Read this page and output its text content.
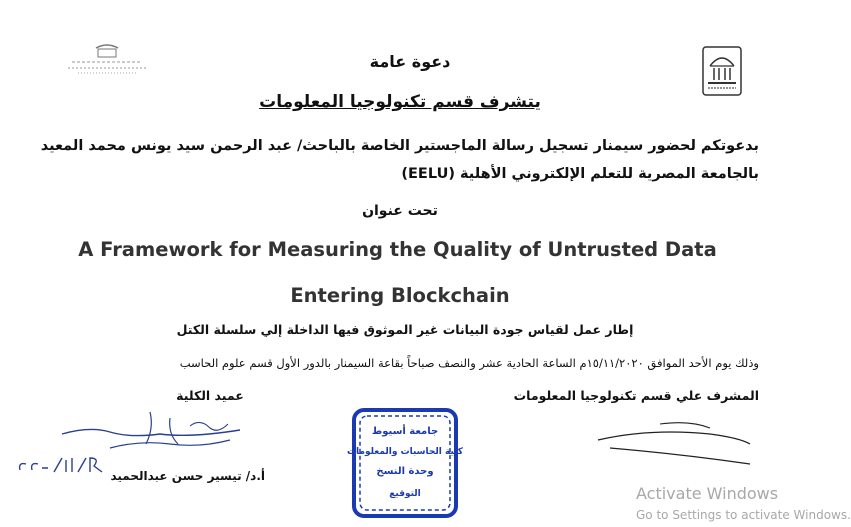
دعوة عامة
يتشرف قسم تكنولوجيا المعلومات
بدعوتكم لحضور سيمنار تسجيل رسالة الماجستير الخاصة بالباحث/ عبد الرحمن سيد يونس محمد المعيد
بالجامعة المصرية للتعلم الإلكتروني الأهلية (EELU)
تحت عنوان
A Framework for Measuring the Quality of Untrusted Data
Entering Blockchain
إطار عمل لقياس جودة البيانات غير الموثوق فيها الداخلة إلي سلسلة الكتل
وذلك يوم الأحد الموافق ١٥/١١/٢٠٢٠م الساعة الحادية عشر والنصف صباحاً بقاعة السيمنار بالدور الأول قسم علوم الحاسب
عميد الكلية	المشرف علي قسم تكنولوجيا المعلومات
أ.د/ تيسير حسن عبدالحميد
جامعة أسيوط
كلية الحاسبات والمعلومات
وحدة النسخ
التوقيع	Activate Windows
Go to Settings to activate Windows.
